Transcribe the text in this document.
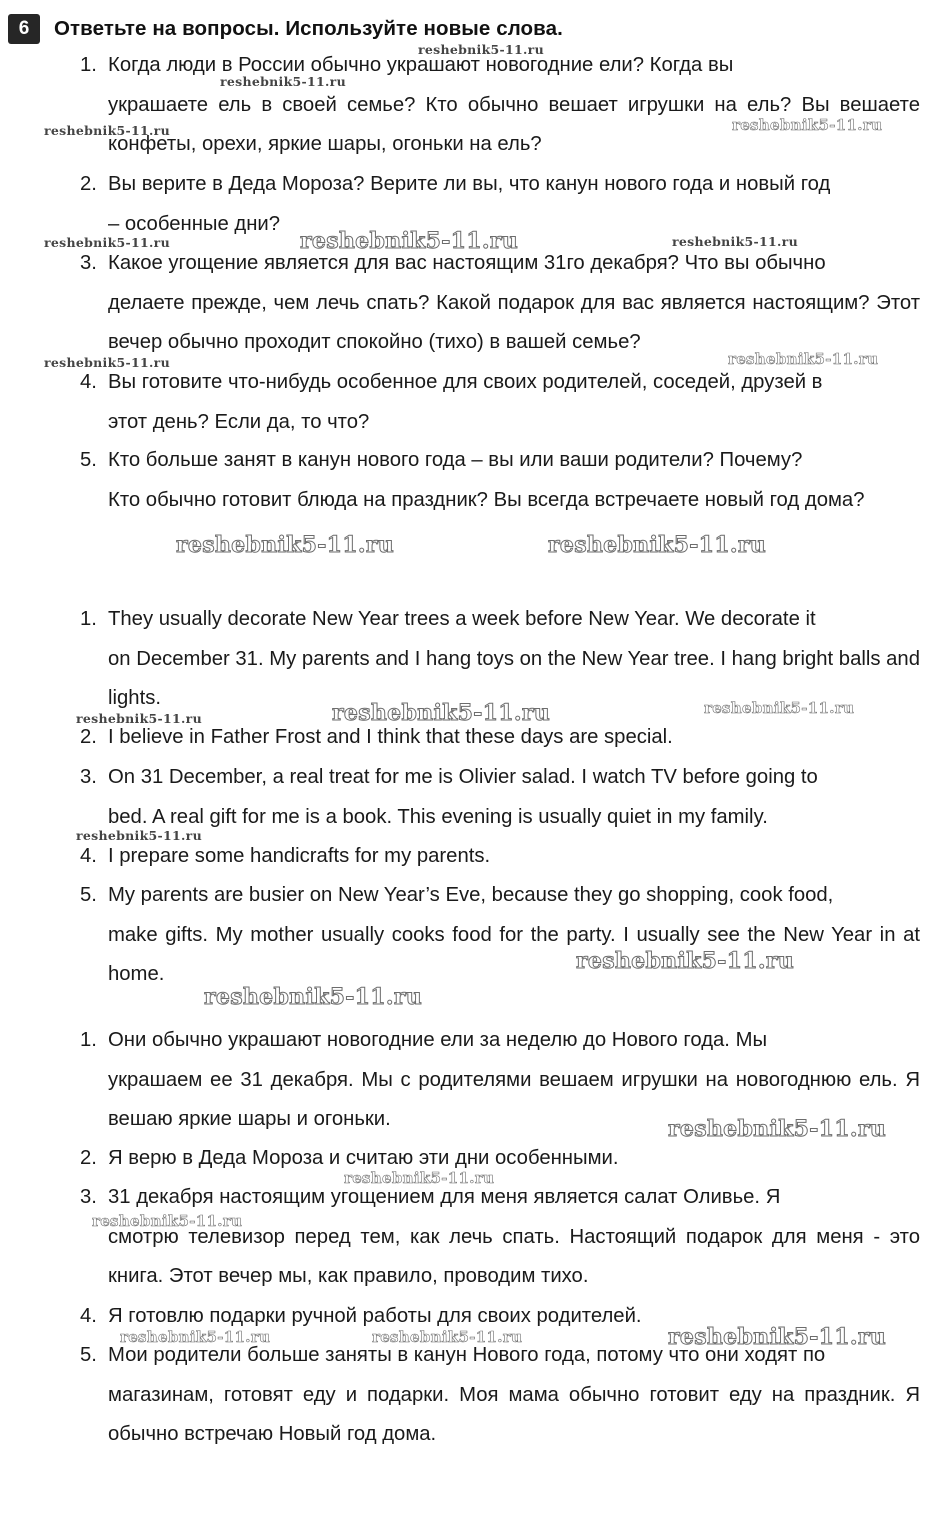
6	Ответьте на вопросы. Используйте новые слова.
1. Когда люди в России обычно украшают новогодние ели? Когда вы
украшаете ель в своей семье? Кто обычно вешает игрушки на ель? Вы вешаете конфеты, орехи, яркие шары, огоньки на ель?
2. Вы верите в Деда Мороза? Верите ли вы, что канун нового года и новый год
– особенные дни?
3. Какое угощение является для вас настоящим 31го декабря? Что вы обычно
делаете прежде, чем лечь спать? Какой подарок для вас является настоящим? Этот вечер обычно проходит спокойно (тихо) в вашей семье?
4. Вы готовите что-нибудь особенное для своих родителей, соседей, друзей в
этот день? Если да, то что?
5. Кто больше занят в канун нового года – вы или ваши родители? Почему?
Кто обычно готовит блюда на праздник? Вы всегда встречаете новый год дома?
1. They usually decorate New Year trees a week before New Year. We decorate it
on December 31. My parents and I hang toys on the New Year tree. I hang bright balls and lights.
2. I believe in Father Frost and I think that these days are special.
3. On 31 December, a real treat for me is Olivier salad. I watch TV before going to
bed. A real gift for me is a book. This evening is usually quiet in my family.
4. I prepare some handicrafts for my parents.
5. My parents are busier on New Year’s Eve, because they go shopping, cook food,
make gifts. My mother usually cooks food for the party. I usually see the New Year in at home.
1. Они обычно украшают новогодние ели за неделю до Нового года. Мы
украшаем ее 31 декабря. Мы с родителями вешаем игрушки на новогоднюю ель. Я вешаю яркие шары и огоньки.
2. Я верю в Деда Мороза и считаю эти дни особенными.
3. 31 декабря настоящим угощением для меня является салат Оливье. Я
смотрю телевизор перед тем, как лечь спать. Настоящий подарок для меня - это книга. Этот вечер мы, как правило, проводим тихо.
4. Я готовлю подарки ручной работы для своих родителей.
5. Мои родители больше заняты в канун Нового года, потому что они ходят по
магазинам, готовят еду и подарки. Моя мама обычно готовит еду на праздник. Я обычно встречаю Новый год дома.
reshebnik5-11.ru
reshebnik5-11.ru
reshebnik5-11.ru	reshebnik5-11.ru
reshebnik5-11.ru	reshebnik5-11.ru	reshebnik5-11.ru
reshebnik5-11.ru	reshebnik5-11.ru
reshebnik5-11.ru	reshebnik5-11.ru
reshebnik5-11.ru	reshebnik5-11.ru	reshebnik5-11.ru
reshebnik5-11.ru
reshebnik5-11.ru
reshebnik5-11.ru
reshebnik5-11.ru
reshebnik5-11.ru
reshebnik5-11.ru
reshebnik5-11.ru	reshebnik5-11.ru	reshebnik5-11.ru
